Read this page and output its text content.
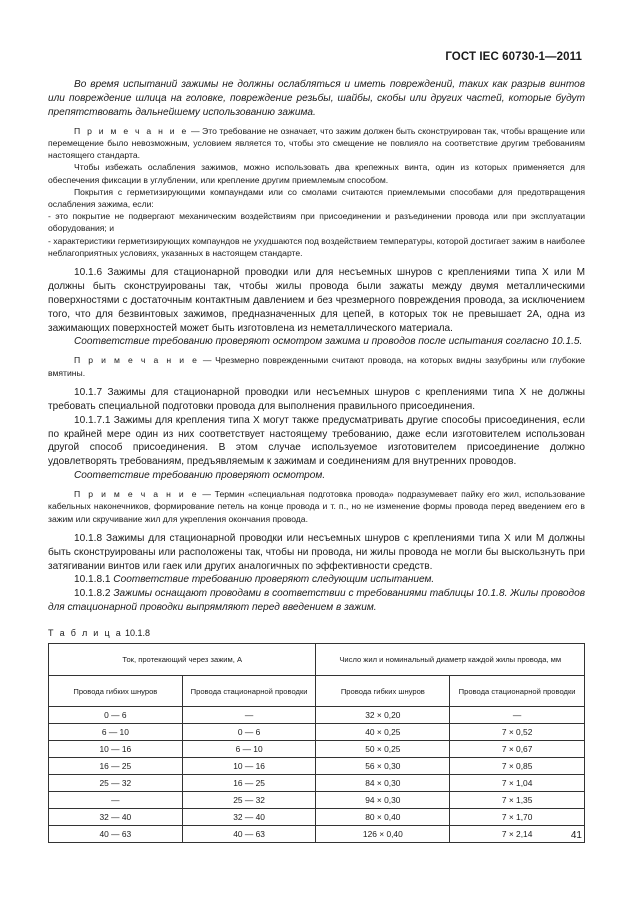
ГОСТ IEC 60730-1—2011

Во время испытаний зажимы не должны ослабляться и иметь повреждений, таких как разрыв винтов или повреждение шлица на головке, повреждение резьбы, шайбы, скобы или других частей, которые будут препятствовать дальнейшему использованию зажима.

П р и м е ч а н и е — Это требование не означает, что зажим должен быть сконструирован так, чтобы вращение или перемещение было невозможным, условием является то, чтобы это смещение не повлияло на соответствие другим требованиям настоящего стандарта.

Чтобы избежать ослабления зажимов, можно использовать два крепежных винта, один из которых применяется для обеспечения фиксации в углублении, или крепление другим приемлемым способом.

Покрытия с герметизирующими компаундами или со смолами считаются приемлемыми способами для предотвращения ослабления зажима, если:

- это покрытие не подвергают механическим воздействиям при присоединении и разъединении провода или при эксплуатации оборудования; и

- характеристики герметизирующих компаундов не ухудшаются под воздействием температуры, которой достигает зажим в наиболее неблагоприятных условиях, указанных в настоящем стандарте.

10.1.6 Зажимы для стационарной проводки или для несъемных шнуров с креплениями типа X или M должны быть сконструированы так, чтобы жилы провода были зажаты между двумя металлическими поверхностями с достаточным контактным давлением и без чрезмерного повреждения провода, за исключением того, что для безвинтовых зажимов, предназначенных для цепей, в которых ток не превышает 2А, одна из зажимающих поверхностей может быть изготовлена из неметаллического материала.

Соответствие требованию проверяют осмотром зажима и проводов после испытания согласно 10.1.5.

П р и м е ч а н и е — Чрезмерно поврежденными считают провода, на которых видны зазубрины или глубокие вмятины.

10.1.7 Зажимы для стационарной проводки или несъемных шнуров с креплениями типа X не должны требовать специальной подготовки провода для выполнения правильного присоединения.

10.1.7.1 Зажимы для крепления типа X могут также предусматривать другие способы присоединения, если по крайней мере один из них соответствует настоящему требованию, даже если изготовителем использован другой способ присоединения. В этом случае используемое изготовителем присоединение должно удовлетворять требованиям, предъявляемым к зажимам и соединениям для внутренних проводов.

Соответствие требованию проверяют осмотром.

П р и м е ч а н и е — Термин «специальная подготовка провода» подразумевает пайку его жил, использование кабельных наконечников, формирование петель на конце провода и т. п., но не изменение формы провода перед введением его в зажим или скручивание жил для укрепления окончания провода.

10.1.8 Зажимы для стационарной проводки или несъемных шнуров с креплениями типа X или M должны быть сконструированы или расположены так, чтобы ни провода, ни жилы провода не могли бы выскользнуть при затягивании винтов или гаек или других аналогичных по эффективности средств.

10.1.8.1 Соответствие требованию проверяют следующим испытанием.

10.1.8.2 Зажимы оснащают проводами в соответствии с требованиями таблицы 10.1.8. Жилы проводов для стационарной проводки выпрямляют перед введением в зажим.

Т а б л и ц а 10.1.8
Ток, протекающий через зажим, А		Число жил и номинальный диаметр каждой жилы провода, мм	
Провода гибких шнуров	Провода стационарной проводки	Провода гибких шнуров	Провода стационарной проводки
0 — 6	—	32 × 0,20	—
6 — 10	0 — 6	40 × 0,25	7 × 0,52
10 — 16	6 — 10	50 × 0,25	7 × 0,67
16 — 25	10 — 16	56 × 0,30	7 × 0,85
25 — 32	16 — 25	84 × 0,30	7 × 1,04
—	25 — 32	94 × 0,30	7 × 1,35
32 — 40	32 — 40	80 × 0,40	7 × 1,70
40 — 63	40 — 63	126 × 0,40	7 × 2,14	41
